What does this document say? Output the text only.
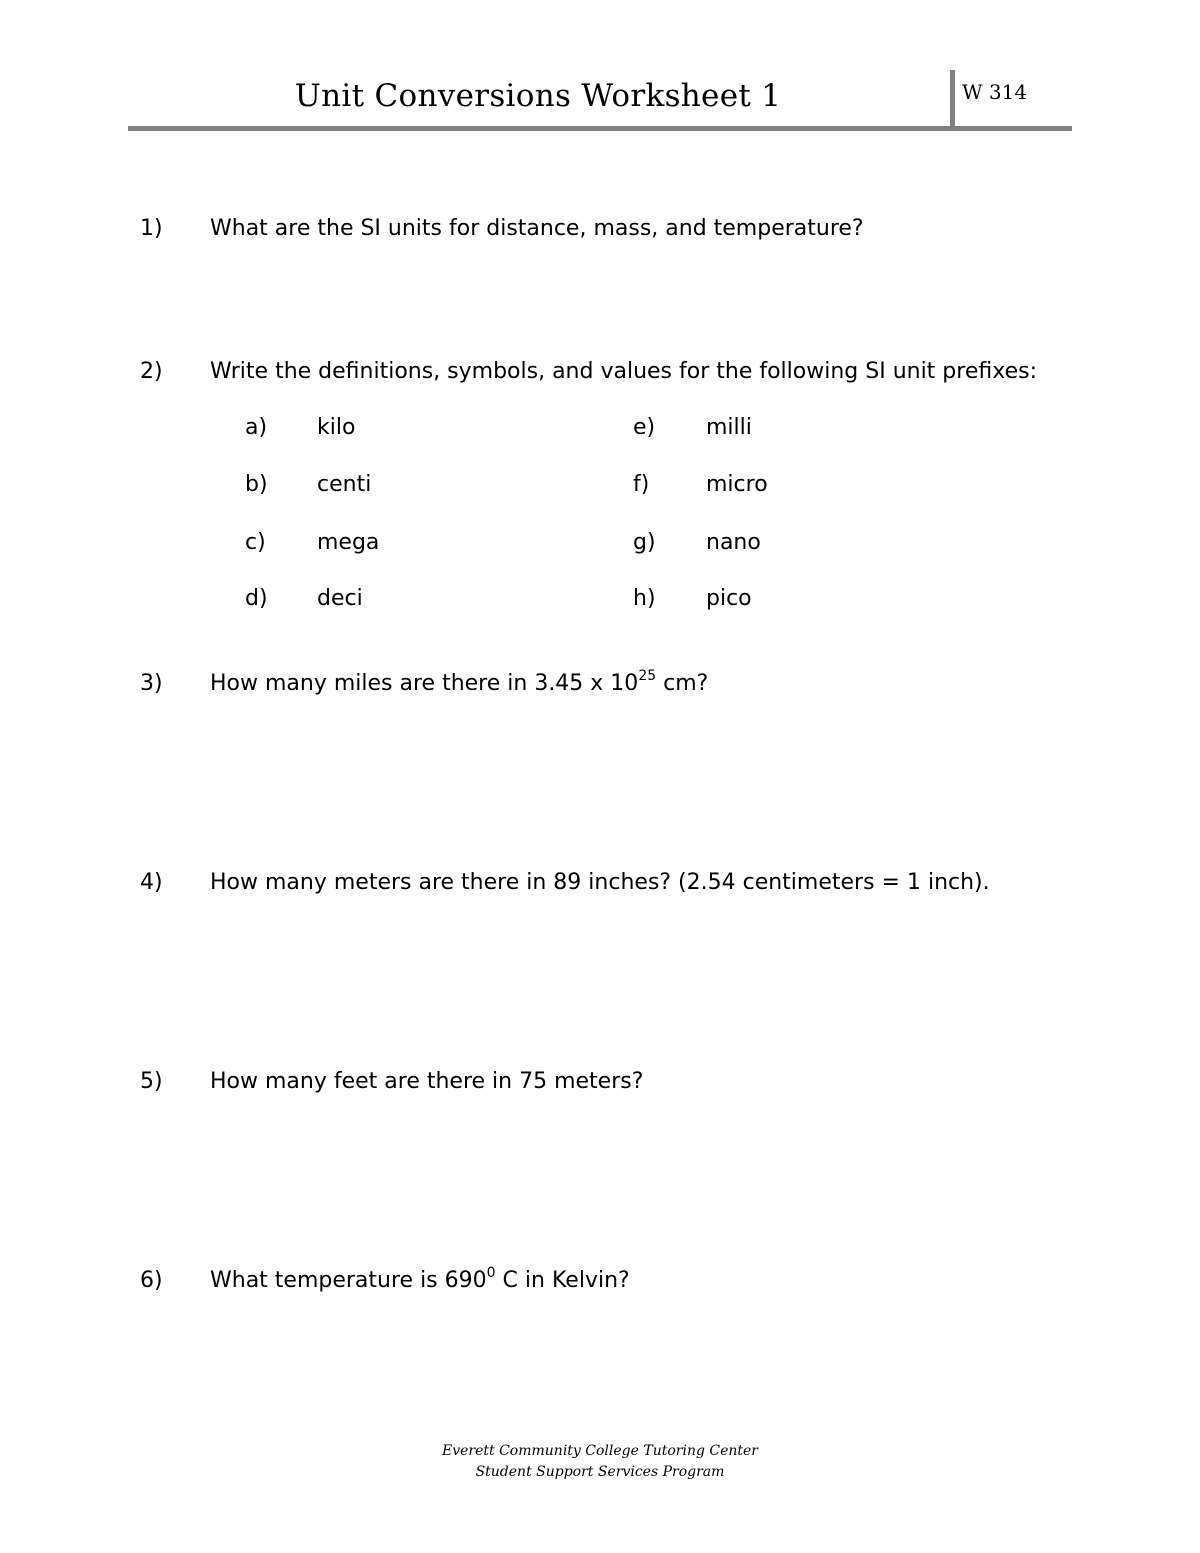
Unit Conversions Worksheet 1	W 314
1) What are the SI units for distance, mass, and temperature?
2) Write the definitions, symbols, and values for the following SI unit prefixes:
a) kilo
b) centi
c) mega
d) deci
e) milli
f)	micro
g) nano
h) pico
3) How many miles are there in 3.45 x $10^{25}$ cm?
4) How many meters are there in 89 inches? (2.54 centimeters = 1 inch).
5) How many feet are there in 75 meters?
6) What temperature is $690^0$ C in Kelvin?
Everett Community College Tutoring Center
Student Support Services Program
